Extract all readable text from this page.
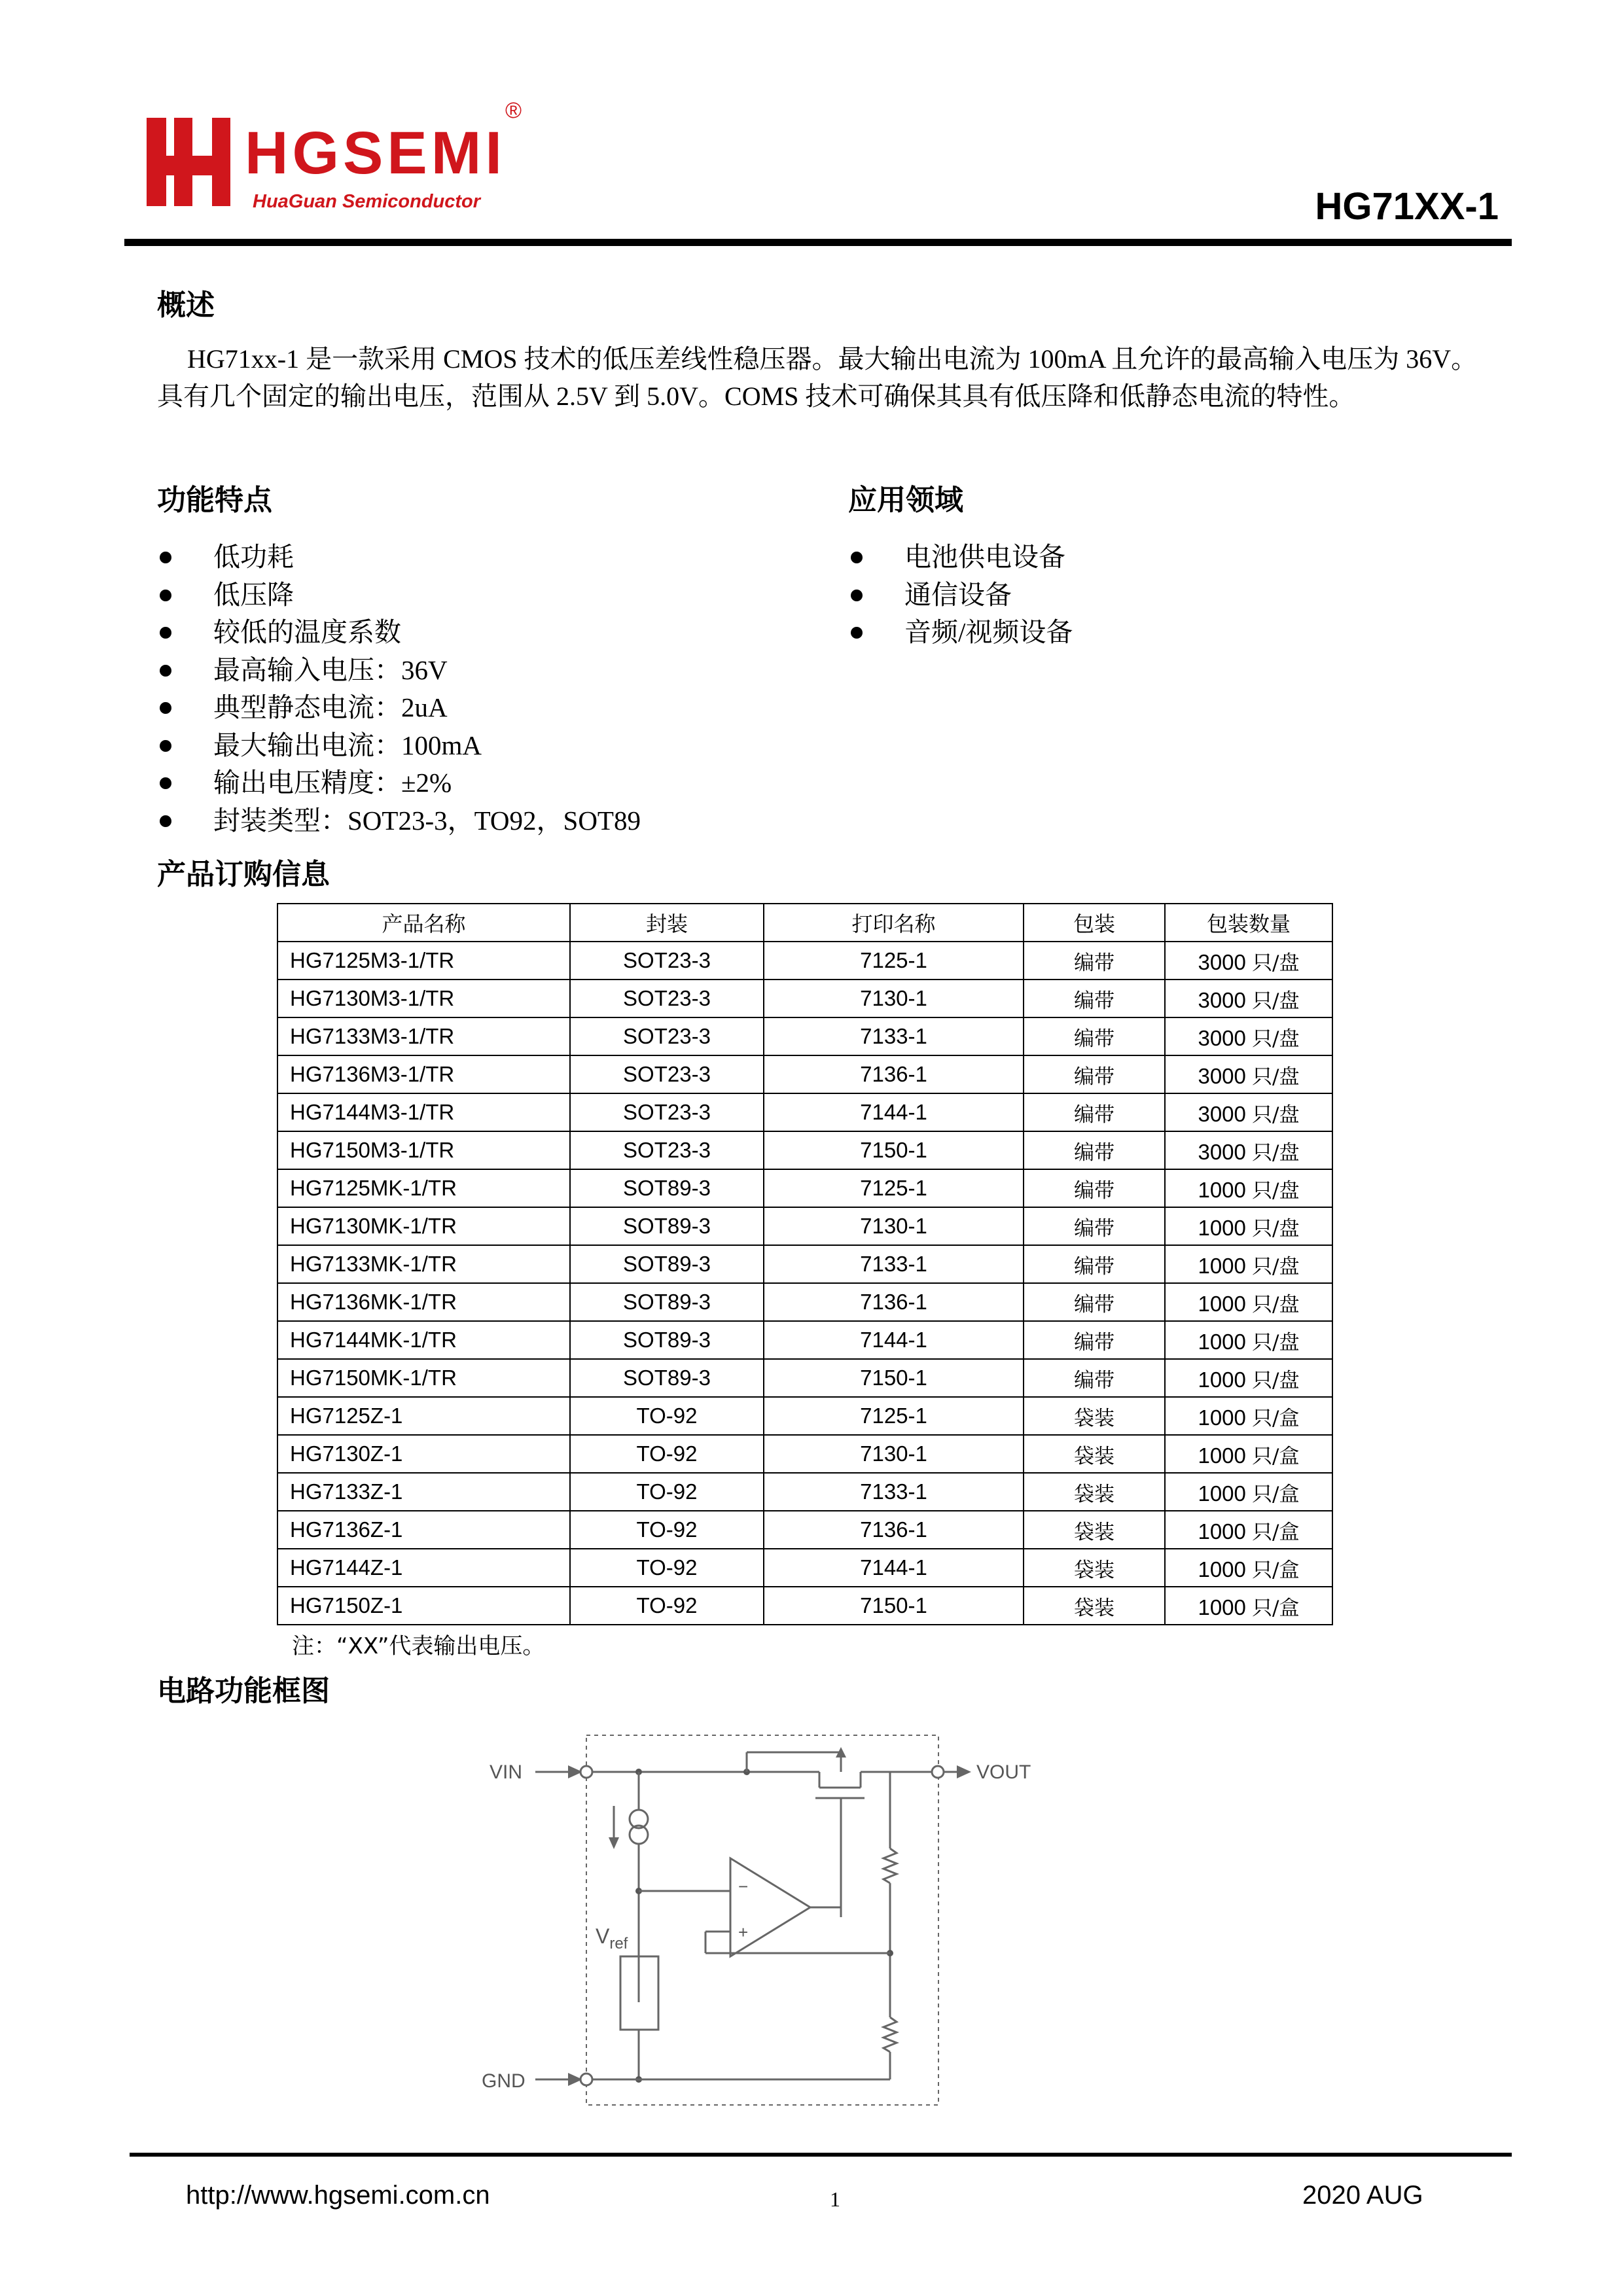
HGSEMI
®
HuaGuan Semiconductor	HG71XX-1
概述
HG71xx-1 是一款采用 CMOS 技术的低压差线性稳压器。最大输出电流为 100mA 且允许的最高输入电压为 36V。具有几个固定的输出电压，范围从 2.5V 到 5.0V。COMS 技术可确保其具有低压降和低静态电流的特性。
功能特点	应用领域
低功耗
低压降
较低的温度系数
最高输入电压：36V
典型静态电流：2uA
最大输出电流：100mA
输出电压精度：±2%
封装类型：SOT23-3，TO92，SOT89
电池供电设备
通信设备
音频/视频设备
产品订购信息
产品名称	封装	打印名称	包装	包装数量
HG7125M3-1/TR	SOT23-3	7125-1	编带	3000 只/盘
HG7130M3-1/TR	SOT23-3	7130-1	编带	3000 只/盘
HG7133M3-1/TR	SOT23-3	7133-1	编带	3000 只/盘
HG7136M3-1/TR	SOT23-3	7136-1	编带	3000 只/盘
HG7144M3-1/TR	SOT23-3	7144-1	编带	3000 只/盘
HG7150M3-1/TR	SOT23-3	7150-1	编带	3000 只/盘
HG7125MK-1/TR	SOT89-3	7125-1	编带	1000 只/盘
HG7130MK-1/TR	SOT89-3	7130-1	编带	1000 只/盘
HG7133MK-1/TR	SOT89-3	7133-1	编带	1000 只/盘
HG7136MK-1/TR	SOT89-3	7136-1	编带	1000 只/盘
HG7144MK-1/TR	SOT89-3	7144-1	编带	1000 只/盘
HG7150MK-1/TR	SOT89-3	7150-1	编带	1000 只/盘
HG7125Z-1	TO-92	7125-1	袋装	1000 只/盒
HG7130Z-1	TO-92	7130-1	袋装	1000 只/盒
HG7133Z-1	TO-92	7133-1	袋装	1000 只/盒
HG7136Z-1	TO-92	7136-1	袋装	1000 只/盒
HG7144Z-1	TO-92	7144-1	袋装	1000 只/盒
HG7150Z-1	TO-92	7150-1	袋装	1000 只/盒
注：“XX”代表输出电压。
电路功能框图
VIN	VOUT
−
+
$V_{ref}$
GND
http://www.hgsemi.com.cn	1	2020 AUG
